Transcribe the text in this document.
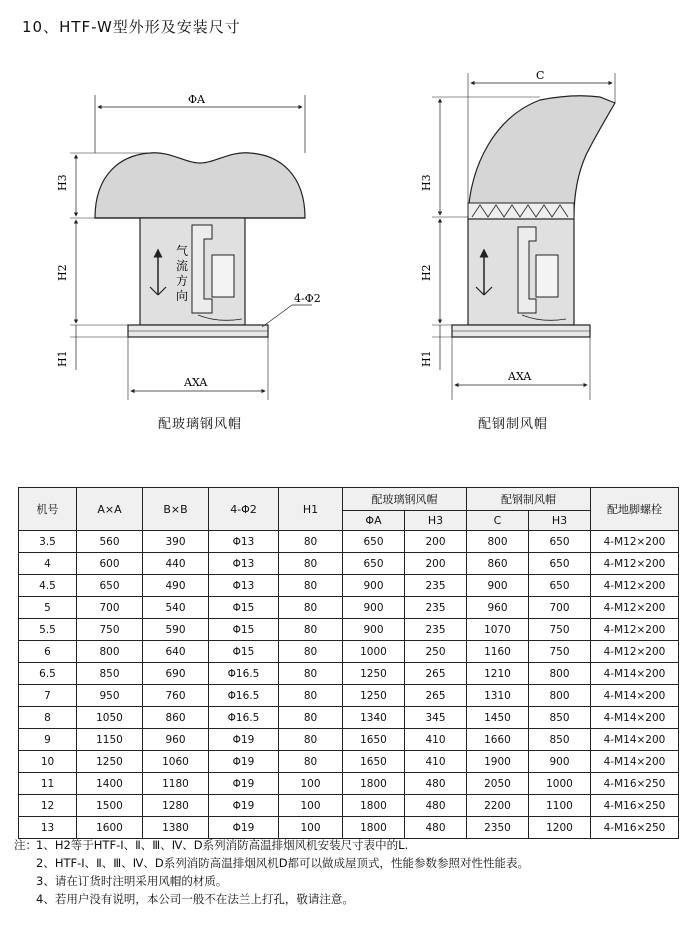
10、HTF-W型外形及安装尺寸
气
流
方
向
ΦA
H3
H2
H1
4-Φ2
AXA
C
H3
H2
H1
AXA
配玻璃钢风帽	配钢制风帽
机号	A×A	B×B	4-Φ2	H1	配玻璃钢风帽		配钢制风帽		配地脚螺栓
					ΦA	H3	C	H3	
3.5	560	390	Φ13	80	650	200	800	650	4-M12×200
4	600	440	Φ13	80	650	200	860	650	4-M12×200
4.5	650	490	Φ13	80	900	235	900	650	4-M12×200
5	700	540	Φ15	80	900	235	960	700	4-M12×200
5.5	750	590	Φ15	80	900	235	1070	750	4-M12×200
6	800	640	Φ15	80	1000	250	1160	750	4-M12×200
6.5	850	690	Φ16.5	80	1250	265	1210	800	4-M14×200
7	950	760	Φ16.5	80	1250	265	1310	800	4-M14×200
8	1050	860	Φ16.5	80	1340	345	1450	850	4-M14×200
9	1150	960	Φ19	80	1650	410	1660	850	4-M14×200
10	1250	1060	Φ19	80	1650	410	1900	900	4-M14×200
11	1400	1180	Φ19	100	1800	480	2050	1000	4-M16×250
12	1500	1280	Φ19	100	1800	480	2200	1100	4-M16×250
13	1600	1380	Φ19	100	1800	480	2350	1200	4-M16×250
注：1、H2等于HTF-Ⅰ、Ⅱ、Ⅲ、Ⅳ、D系列消防高温排烟风机安装尺寸表中的L.
2、HTF-Ⅰ、Ⅱ、Ⅲ、Ⅳ、D系列消防高温排烟风机D都可以做成屋顶式，性能参数参照对性性能表。
3、请在订货时注明采用风帽的材质。
4、若用户没有说明，本公司一般不在法兰上打孔，敬请注意。
